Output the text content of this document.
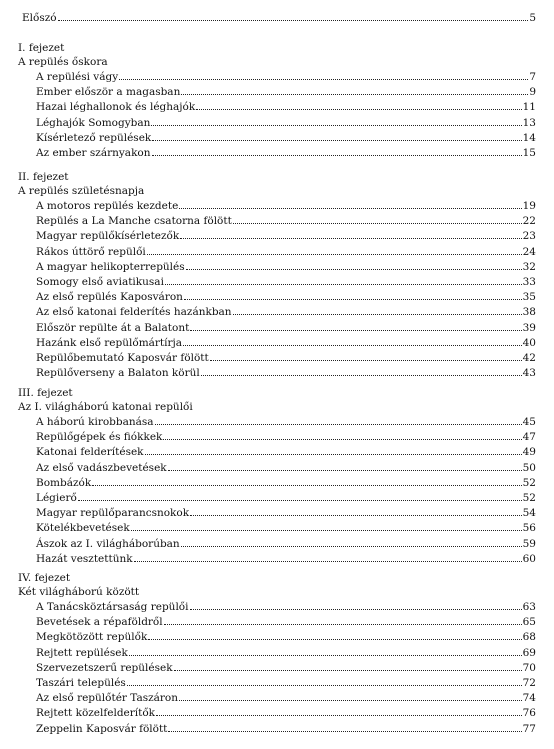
Előszó	5
I. fejezet
A repülés őskora
A repülési vágy	7
Ember először a magasban	9
Hazai léghallonok és léghajók	11
Léghajók Somogyban	13
Kísérletező repülések	14
Az ember szárnyakon	15
II. fejezet
A repülés születésnapja
A motoros repülés kezdete	19
Repülés a La Manche csatorna fölött	22
Magyar repülőkísérletezők	23
Rákos úttörő repülői	24
A magyar helikopterrepülés	32
Somogy első aviatikusai	33
Az első repülés Kaposváron	35
Az első katonai felderítés hazánkban	38
Először repülte át a Balatont	39
Hazánk első repülőmártírja	40
Repülőbemutató Kaposvár fölött	42
Repülőverseny a Balaton körül	43
III. fejezet
Az I. világháború katonai repülői
A háború kirobbanása	45
Repülőgépek és fiókkek	47
Katonai felderítések	49
Az első vadászbevetések	50
Bombázók	52
Légierő	52
Magyar repülőparancsnokok	54
Kötelékbevetések	56
Ászok az I. világháborúban	59
Hazát vesztettünk	60
IV. fejezet
Két világháború között
A Tanácsköztársaság repülői	63
Bevetések a répaföldről	65
Megkötözött repülők	68
Rejtett repülések	69
Szervezetszerű repülések	70
Taszári település	72
Az első repülőtér Taszáron	74
Rejtett közelfelderítők	76
Zeppelin Kaposvár fölött	77
